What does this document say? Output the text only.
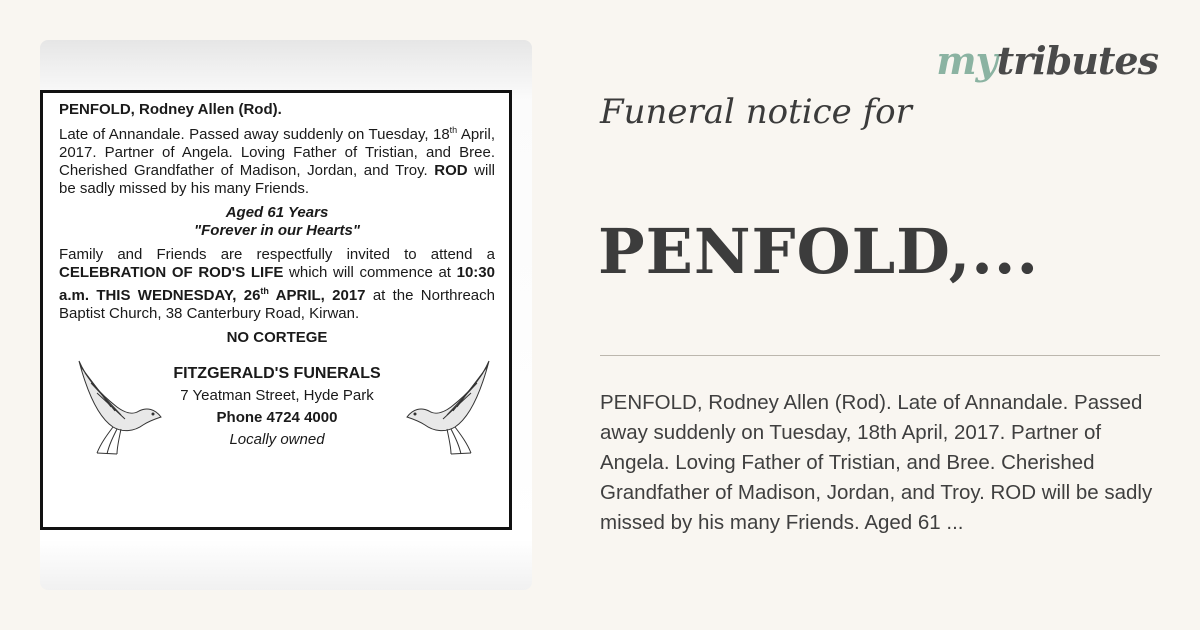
PENFOLD, Rodney Allen (Rod).

Late of Annandale. Passed away suddenly on Tuesday, 18th April, 2017. Partner of Angela. Loving Father of Tristian, and Bree. Cherished Grandfather of Madison, Jordan, and Troy. ROD will be sadly missed by his many Friends.

Aged 61 Years

"Forever in our Hearts"

Family and Friends are respectfully invited to attend a CELEBRATION OF ROD'S LIFE which will commence at 10:30 a.m. THIS WEDNESDAY, 26th APRIL, 2017 at the Northreach Baptist Church, 38 Canterbury Road, Kirwan.

NO CORTEGE

FITZGERALD'S FUNERALS
7 Yeatman Street, Hyde Park
Phone 4724 4000
Locally owned
mytributes
Funeral notice for
PENFOLD,...

PENFOLD, Rodney Allen (Rod). Late of Annandale. Passed away suddenly on Tuesday, 18th April, 2017. Partner of Angela. Loving Father of Tristian, and Bree. Cherished Grandfather of Madison, Jordan, and Troy. ROD will be sadly missed by his many Friends. Aged 61 ...
